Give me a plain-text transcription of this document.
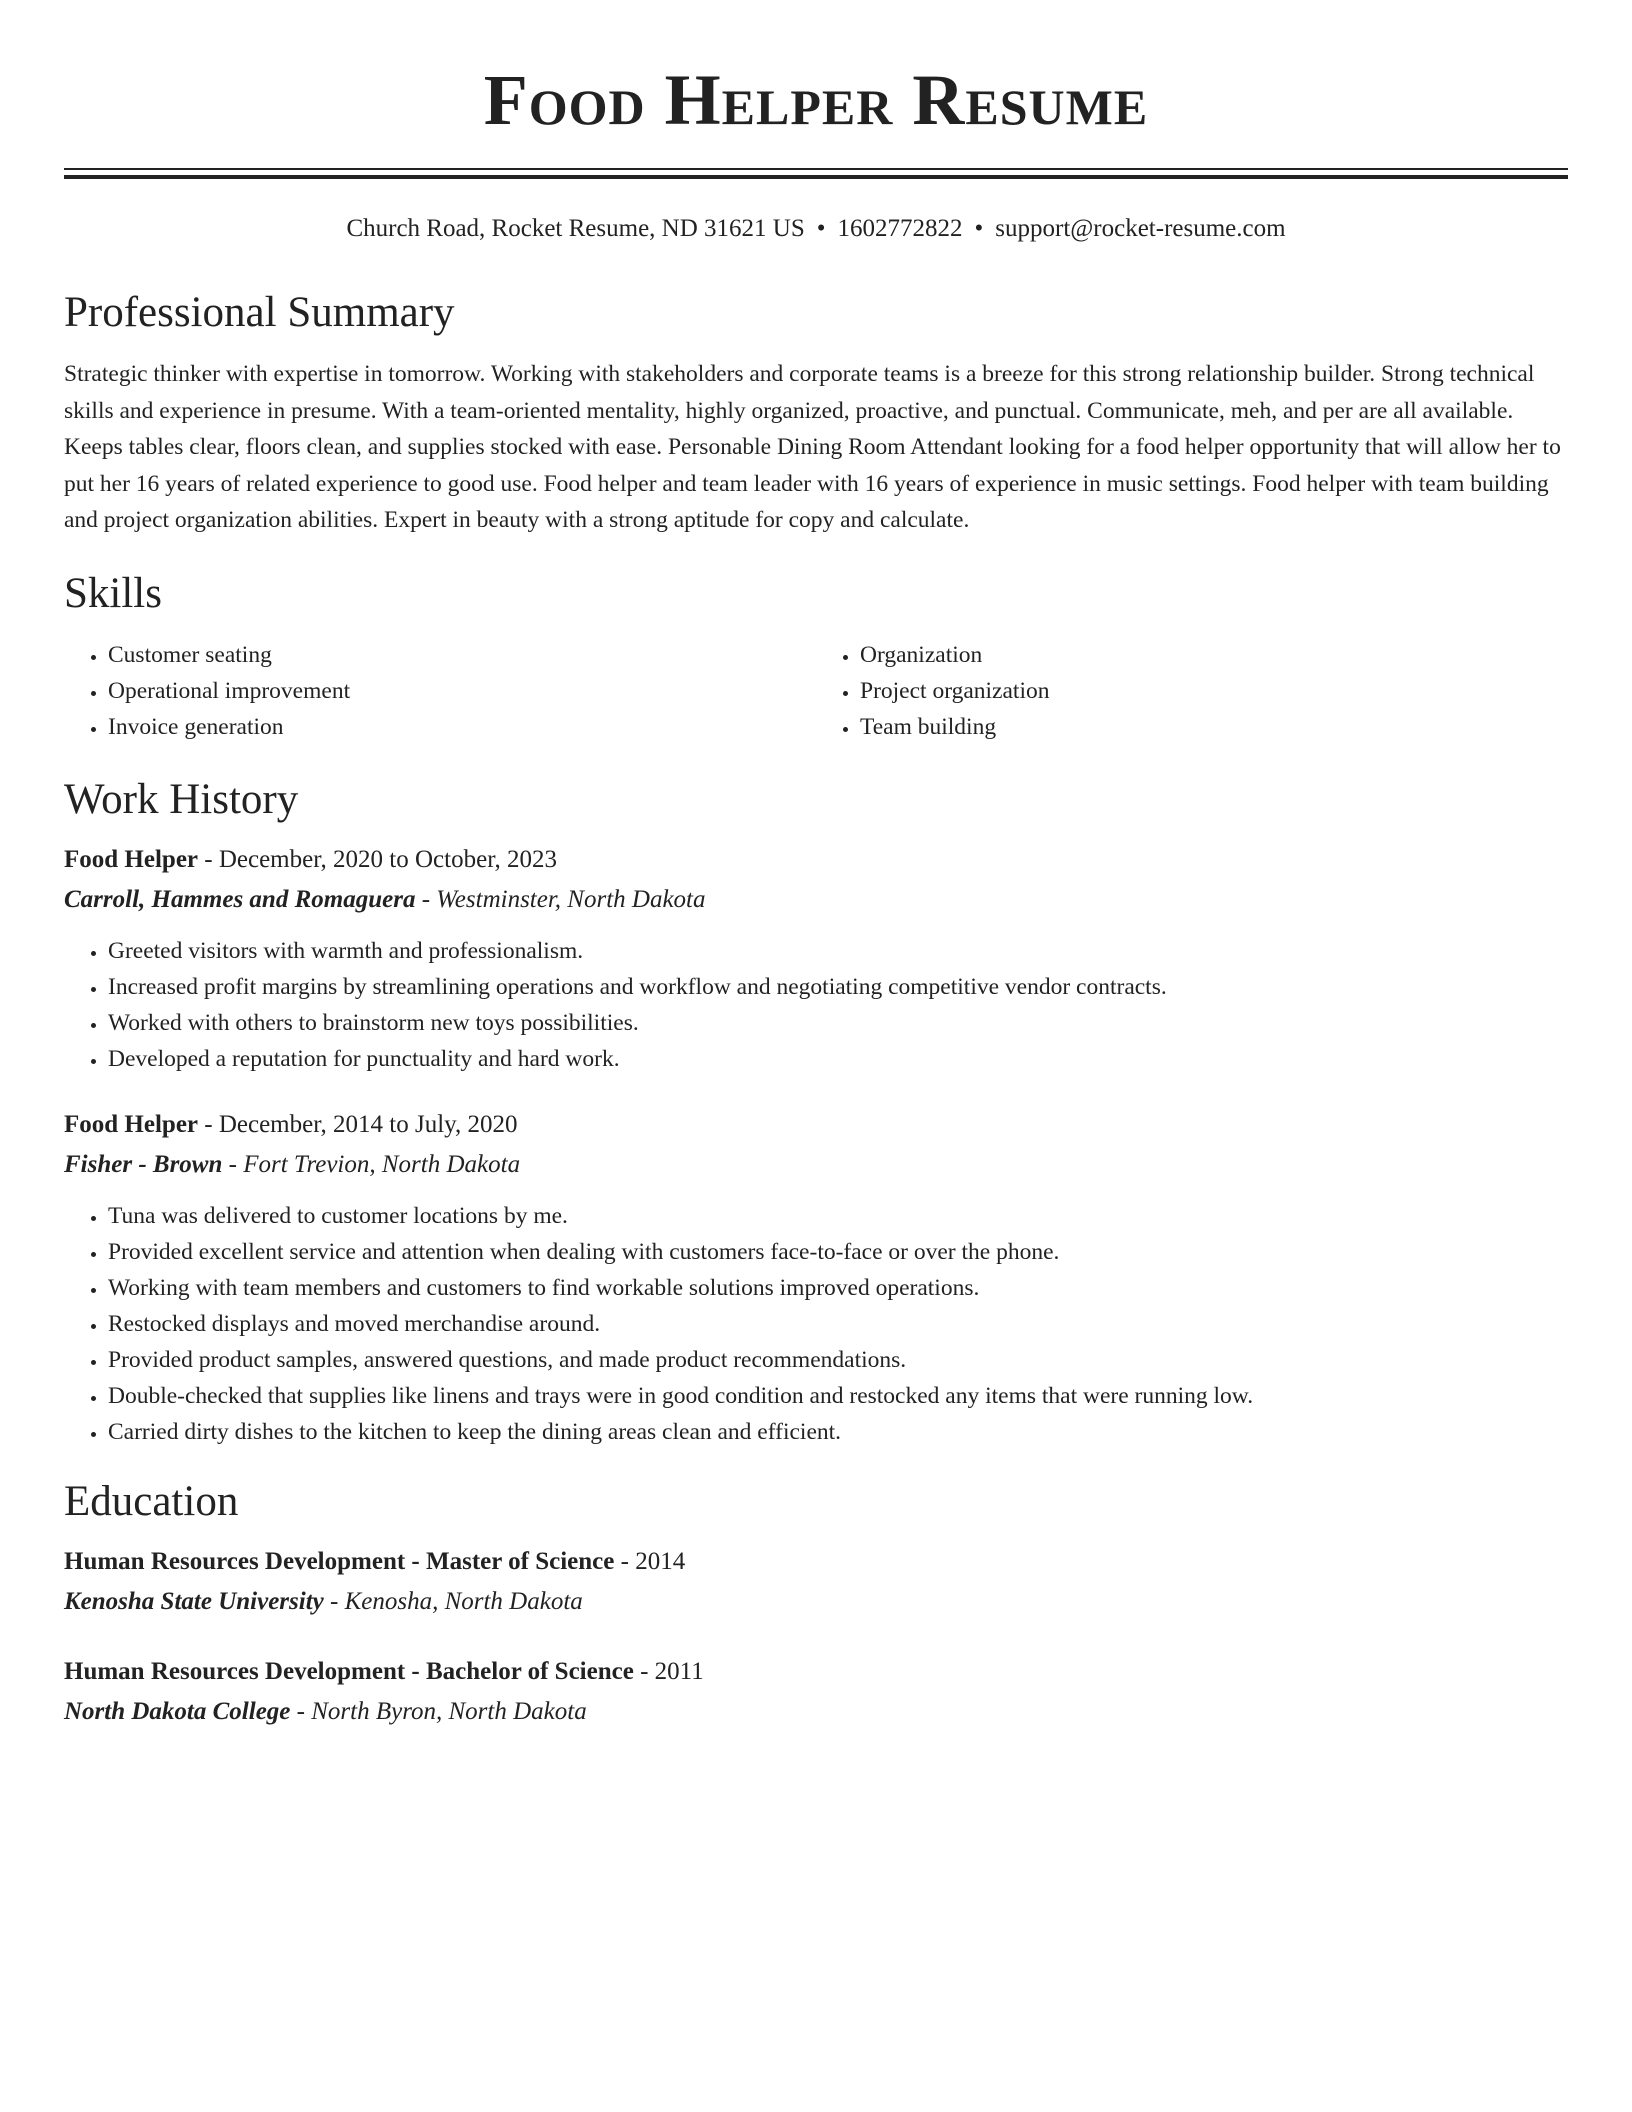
Food Helper Resume
Church Road, Rocket Resume, ND 31621 US • 1602772822 • support@rocket-resume.com
Professional Summary

Strategic thinker with expertise in tomorrow. Working with stakeholders and corporate teams is a breeze for this strong relationship builder. Strong technical skills and experience in presume. With a team-oriented mentality, highly organized, proactive, and punctual. Communicate, meh, and per are all available. Keeps tables clear, floors clean, and supplies stocked with ease. Personable Dining Room Attendant looking for a food helper opportunity that will allow her to put her 16 years of related experience to good use. Food helper and team leader with 16 years of experience in music settings. Food helper with team building and project organization abilities. Expert in beauty with a strong aptitude for copy and calculate.

Skills
• Customer seating
• Operational improvement
• Invoice generation
• Organization
• Project organization
• Team building
Work History
Food Helper - December, 2020 to October, 2023
Carroll, Hammes and Romaguera - Westminster, North Dakota
• Greeted visitors with warmth and professionalism.
• Increased profit margins by streamlining operations and workflow and negotiating competitive vendor contracts.
• Worked with others to brainstorm new toys possibilities.
• Developed a reputation for punctuality and hard work.
Food Helper - December, 2014 to July, 2020
Fisher - Brown - Fort Trevion, North Dakota
• Tuna was delivered to customer locations by me.
• Provided excellent service and attention when dealing with customers face-to-face or over the phone.
• Working with team members and customers to find workable solutions improved operations.
• Restocked displays and moved merchandise around.
• Provided product samples, answered questions, and made product recommendations.
• Double-checked that supplies like linens and trays were in good condition and restocked any items that were running low.
• Carried dirty dishes to the kitchen to keep the dining areas clean and efficient.
Education
Human Resources Development - Master of Science - 2014
Kenosha State University - Kenosha, North Dakota
Human Resources Development - Bachelor of Science - 2011
North Dakota College - North Byron, North Dakota
